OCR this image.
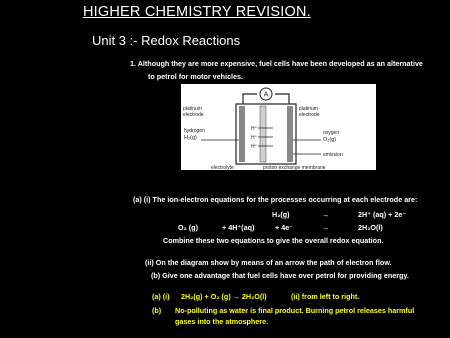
HIGHER CHEMISTRY REVISION.
Unit 3 :- Redox Reactions
1. Although they are more expensive, fuel cells have been developed as an alternative
to petrol for motor vehicles.
A
H⁺
H⁺
H⁺
platinum
electrode
hydrogen
H₂(g)
platinum
electrode
oxygen
O₂(g)
emission
electrolyte	proton exchange membrane
(a) (i) The ion-electron equations for the processes occurring at each electrode are:
H₂(g)	→	2H⁺ (aq) + 2e⁻
O₂ (g)	+ 4H⁺(aq)	+ 4e⁻	→	2H₂O(l)
Combine these two equations to give the overall redox equation.
(ii) On the diagram show by means of an arrow the path of electron flow.
(b) Give one advantage that fuel cells have over petrol for providing energy.
(a) (i) 2H₂(g) + O₂ (g) → 2H₂O(l)	(ii) from left to right.
(b) No-polluting as water is final product. Burning petrol releases harmful
gases into the atmosphere.
